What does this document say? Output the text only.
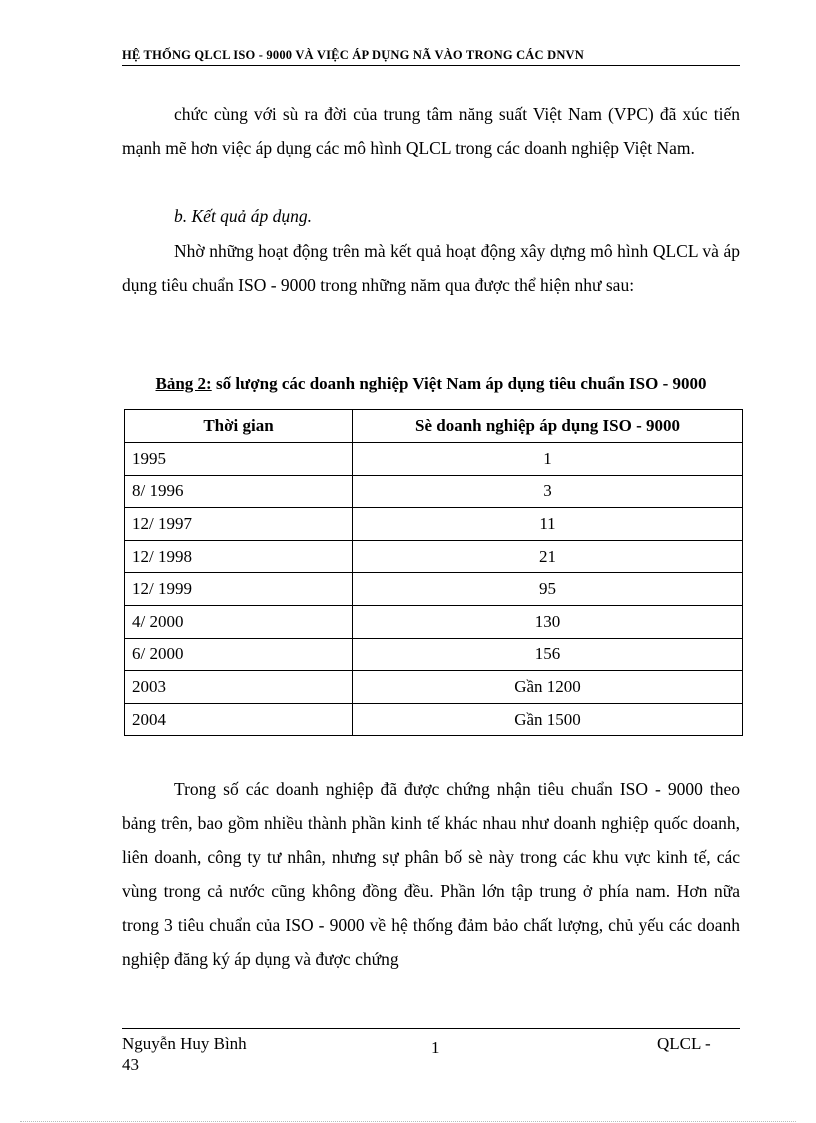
HỆ THỐNG QLCL ISO - 9000 VÀ VIỆC ÁP DỤNG NÃ VÀO TRONG CÁC DNVN
chức cùng với sù ra đời của trung tâm năng suất Việt Nam (VPC) đã xúc tiến mạnh mẽ hơn việc áp dụng các mô hình QLCL trong các doanh nghiệp Việt Nam.
b. Kết quả áp dụng.
Nhờ những hoạt động trên mà kết quả hoạt động xây dựng mô hình QLCL và áp dụng tiêu chuẩn ISO - 9000 trong những năm qua được thể hiện như sau:
Bảng 2: số lượng các doanh nghiệp Việt Nam áp dụng tiêu chuẩn ISO - 9000
Thời gian	Sè doanh nghiệp áp dụng ISO - 9000
1995	1
8/ 1996	3
12/ 1997	11
12/ 1998	21
12/ 1999	95
4/ 2000	130
6/ 2000	156
2003	Gần 1200
2004	Gần 1500
Trong số các doanh nghiệp đã được chứng nhận tiêu chuẩn ISO - 9000 theo bảng trên, bao gồm nhiều thành phần kinh tế khác nhau như doanh nghiệp quốc doanh, liên doanh, công ty tư nhân, nhưng sự phân bố sè này trong các khu vực kinh tế, các vùng trong cả nước cũng không đồng đều. Phần lớn tập trung ở phía nam. Hơn nữa trong 3 tiêu chuẩn của ISO - 9000 về hệ thống đảm bảo chất lượng, chủ yếu các doanh nghiệp đăng ký áp dụng và được chứng
Nguyễn Huy Bình
43
1	QLCL -
